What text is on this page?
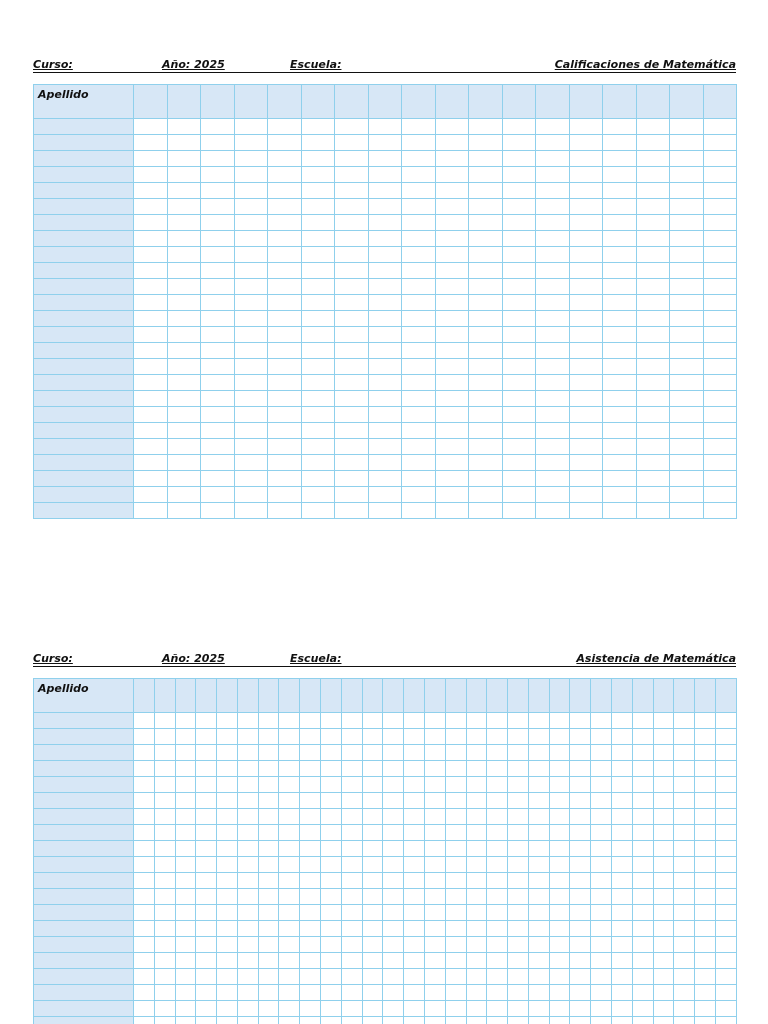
Curso:	Año: 2025	Escuela:	Calificaciones de Matemática
Apellido																		

Curso:	Año: 2025	Escuela:	Asistencia de Matemática
Apellido																													
